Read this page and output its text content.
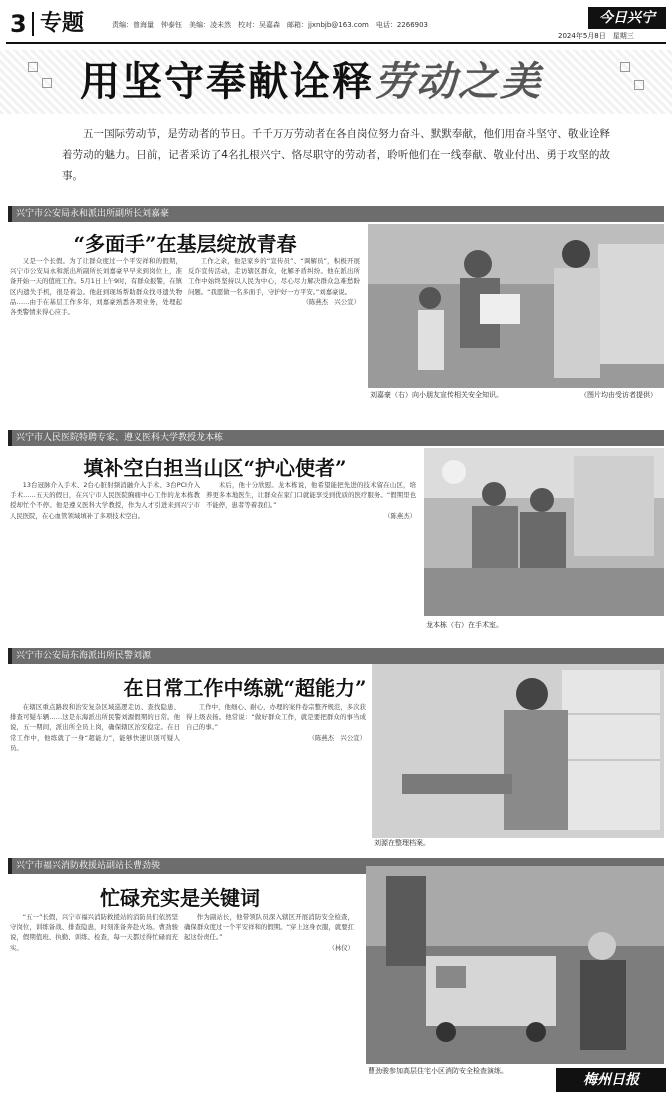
3 专题	责编：曾海量　钟泰钰　美编：凌未然　校对：吴嘉森　邮箱：jjxnbjb@163.com　电话：2266903	今日兴宁
2024年5月8日　星期三
用坚守奉献诠释劳动之美
五一国际劳动节，是劳动者的节日。千千万万劳动者在各自岗位努力奋斗、默默奉献，他们用奋斗坚守、敬业诠释着劳动的魅力。日前，记者采访了4名扎根兴宁、恪尽职守的劳动者，聆听他们在一线奉献、敬业付出、勇于攻坚的故事。
兴宁市公安局永和派出所副所长刘嘉豪
“多面手”在基层绽放青春

又是一个长假。为了让群众度过一个平安祥和的假期，兴宁市公安局永和派出所副所长刘嘉豪早早来到岗位上，准备开始一天的值班工作。5月1日上午9时，有群众报警，在镇区内遗失手机，很是着急。他赶到现场帮助群众找寻遗失物品……由于在基层工作多年，刘嘉豪熟悉各项业务，处理起各类警情来得心应手。

工作之余，他是家乡的“宣传员”、“调解员”，积极开展反诈宣传活动，走访辖区群众，化解矛盾纠纷。他在派出所工作中始终坚持以人民为中心，尽心尽力解决群众急难愁盼问题。“我愿做一名多面手，守护好一方平安。”刘嘉豪说。

（陈燕杰　兴公宣）

刘嘉豪（右）向小朋友宣传相关安全知识。	（图片均由受访者提供）
兴宁市人民医院特聘专家、遵义医科大学教授龙本栋
填补空白担当山区“护心使者”

13台冠脉介入手术、2台心脏射频消融介入手术、3台PCI介入手术……五天的假日，在兴宁市人民医院胸痛中心工作的龙本栋教授却忙个不停。他是遵义医科大学教授，作为人才引进来到兴宁市人民医院，在心血管领域填补了多项技术空白。

术后，他十分欣慰。龙本栋说，他希望能把先进的技术留在山区，培养更多本地医生，让群众在家门口就能享受到优质的医疗服务。“假期里也不能停，患者等着我们。”

（陈燕杰）

龙本栋（右）在手术室。
兴宁市公安局东海派出所民警刘源
在日常工作中练就“超能力”

在辖区重点路段和治安复杂区域巡逻走访、查找隐患、排查可疑车辆……这是东海派出所民警刘源假期的日常。他说，五一期间，派出所全员上岗，确保辖区治安稳定。在日常工作中，他练就了一身“超能力”，能够快速识别可疑人员。

工作中，他细心、耐心，办理的案件卷宗整齐规范，多次获得上级表扬。他常说：“做好群众工作，就是要把群众的事当成自己的事。”

（陈燕杰　兴公宣）

刘源在整理档案。
兴宁市福兴消防救援站副站长曹劲骏
忙碌充实是关键词

“五一”长假，兴宁市福兴消防救援站的消防员们依然坚守岗位，训练备战、排查隐患，时刻准备奔赴火场。曹劲骏说，假期值班、执勤、训练、检查，每一天都过得忙碌而充实。

作为副站长，他带领队员深入辖区开展消防安全检查，确保群众度过一个平安祥和的假期。“穿上这身衣服，就要扛起这份责任。”

（林仪）

曹劲骏参加高层住宅小区消防安全检查演练。
梅州日报
